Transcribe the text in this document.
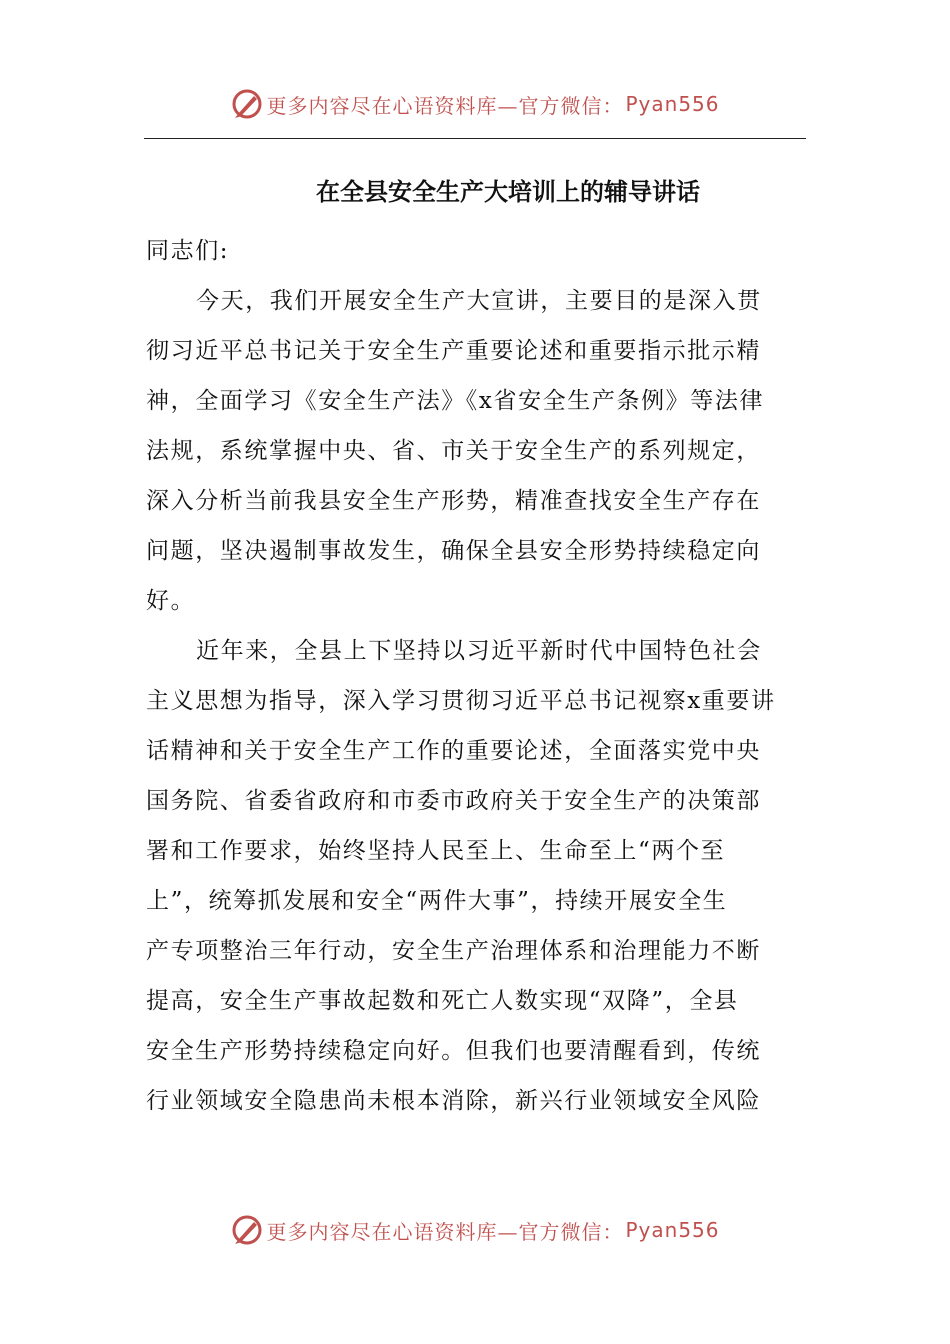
更多内容尽在心语资料库—官方微信： Pyan556
在全县安全生产大培训上的辅导讲话
同志们:
今天，我们开展安全生产大宣讲，主要目的是深入贯
彻习近平总书记关于安全生产重要论述和重要指示批示精
神，全面学习《安全生产法》《x省安全生产条例》等法律
法规，系统掌握中央、省、市关于安全生产的系列规定，
深入分析当前我县安全生产形势，精准查找安全生产存在
问题，坚决遏制事故发生，确保全县安全形势持续稳定向
好。
近年来，全县上下坚持以习近平新时代中国特色社会
主义思想为指导，深入学习贯彻习近平总书记视察x重要讲
话精神和关于安全生产工作的重要论述，全面落实党中央
国务院、省委省政府和市委市政府关于安全生产的决策部
署和工作要求，始终坚持人民至上、生命至上“两个至
上”，统筹抓发展和安全“两件大事”，持续开展安全生
产专项整治三年行动，安全生产治理体系和治理能力不断
提高，安全生产事故起数和死亡人数实现“双降”，全县
安全生产形势持续稳定向好。但我们也要清醒看到，传统
行业领域安全隐患尚未根本消除，新兴行业领域安全风险
更多内容尽在心语资料库—官方微信： Pyan556
